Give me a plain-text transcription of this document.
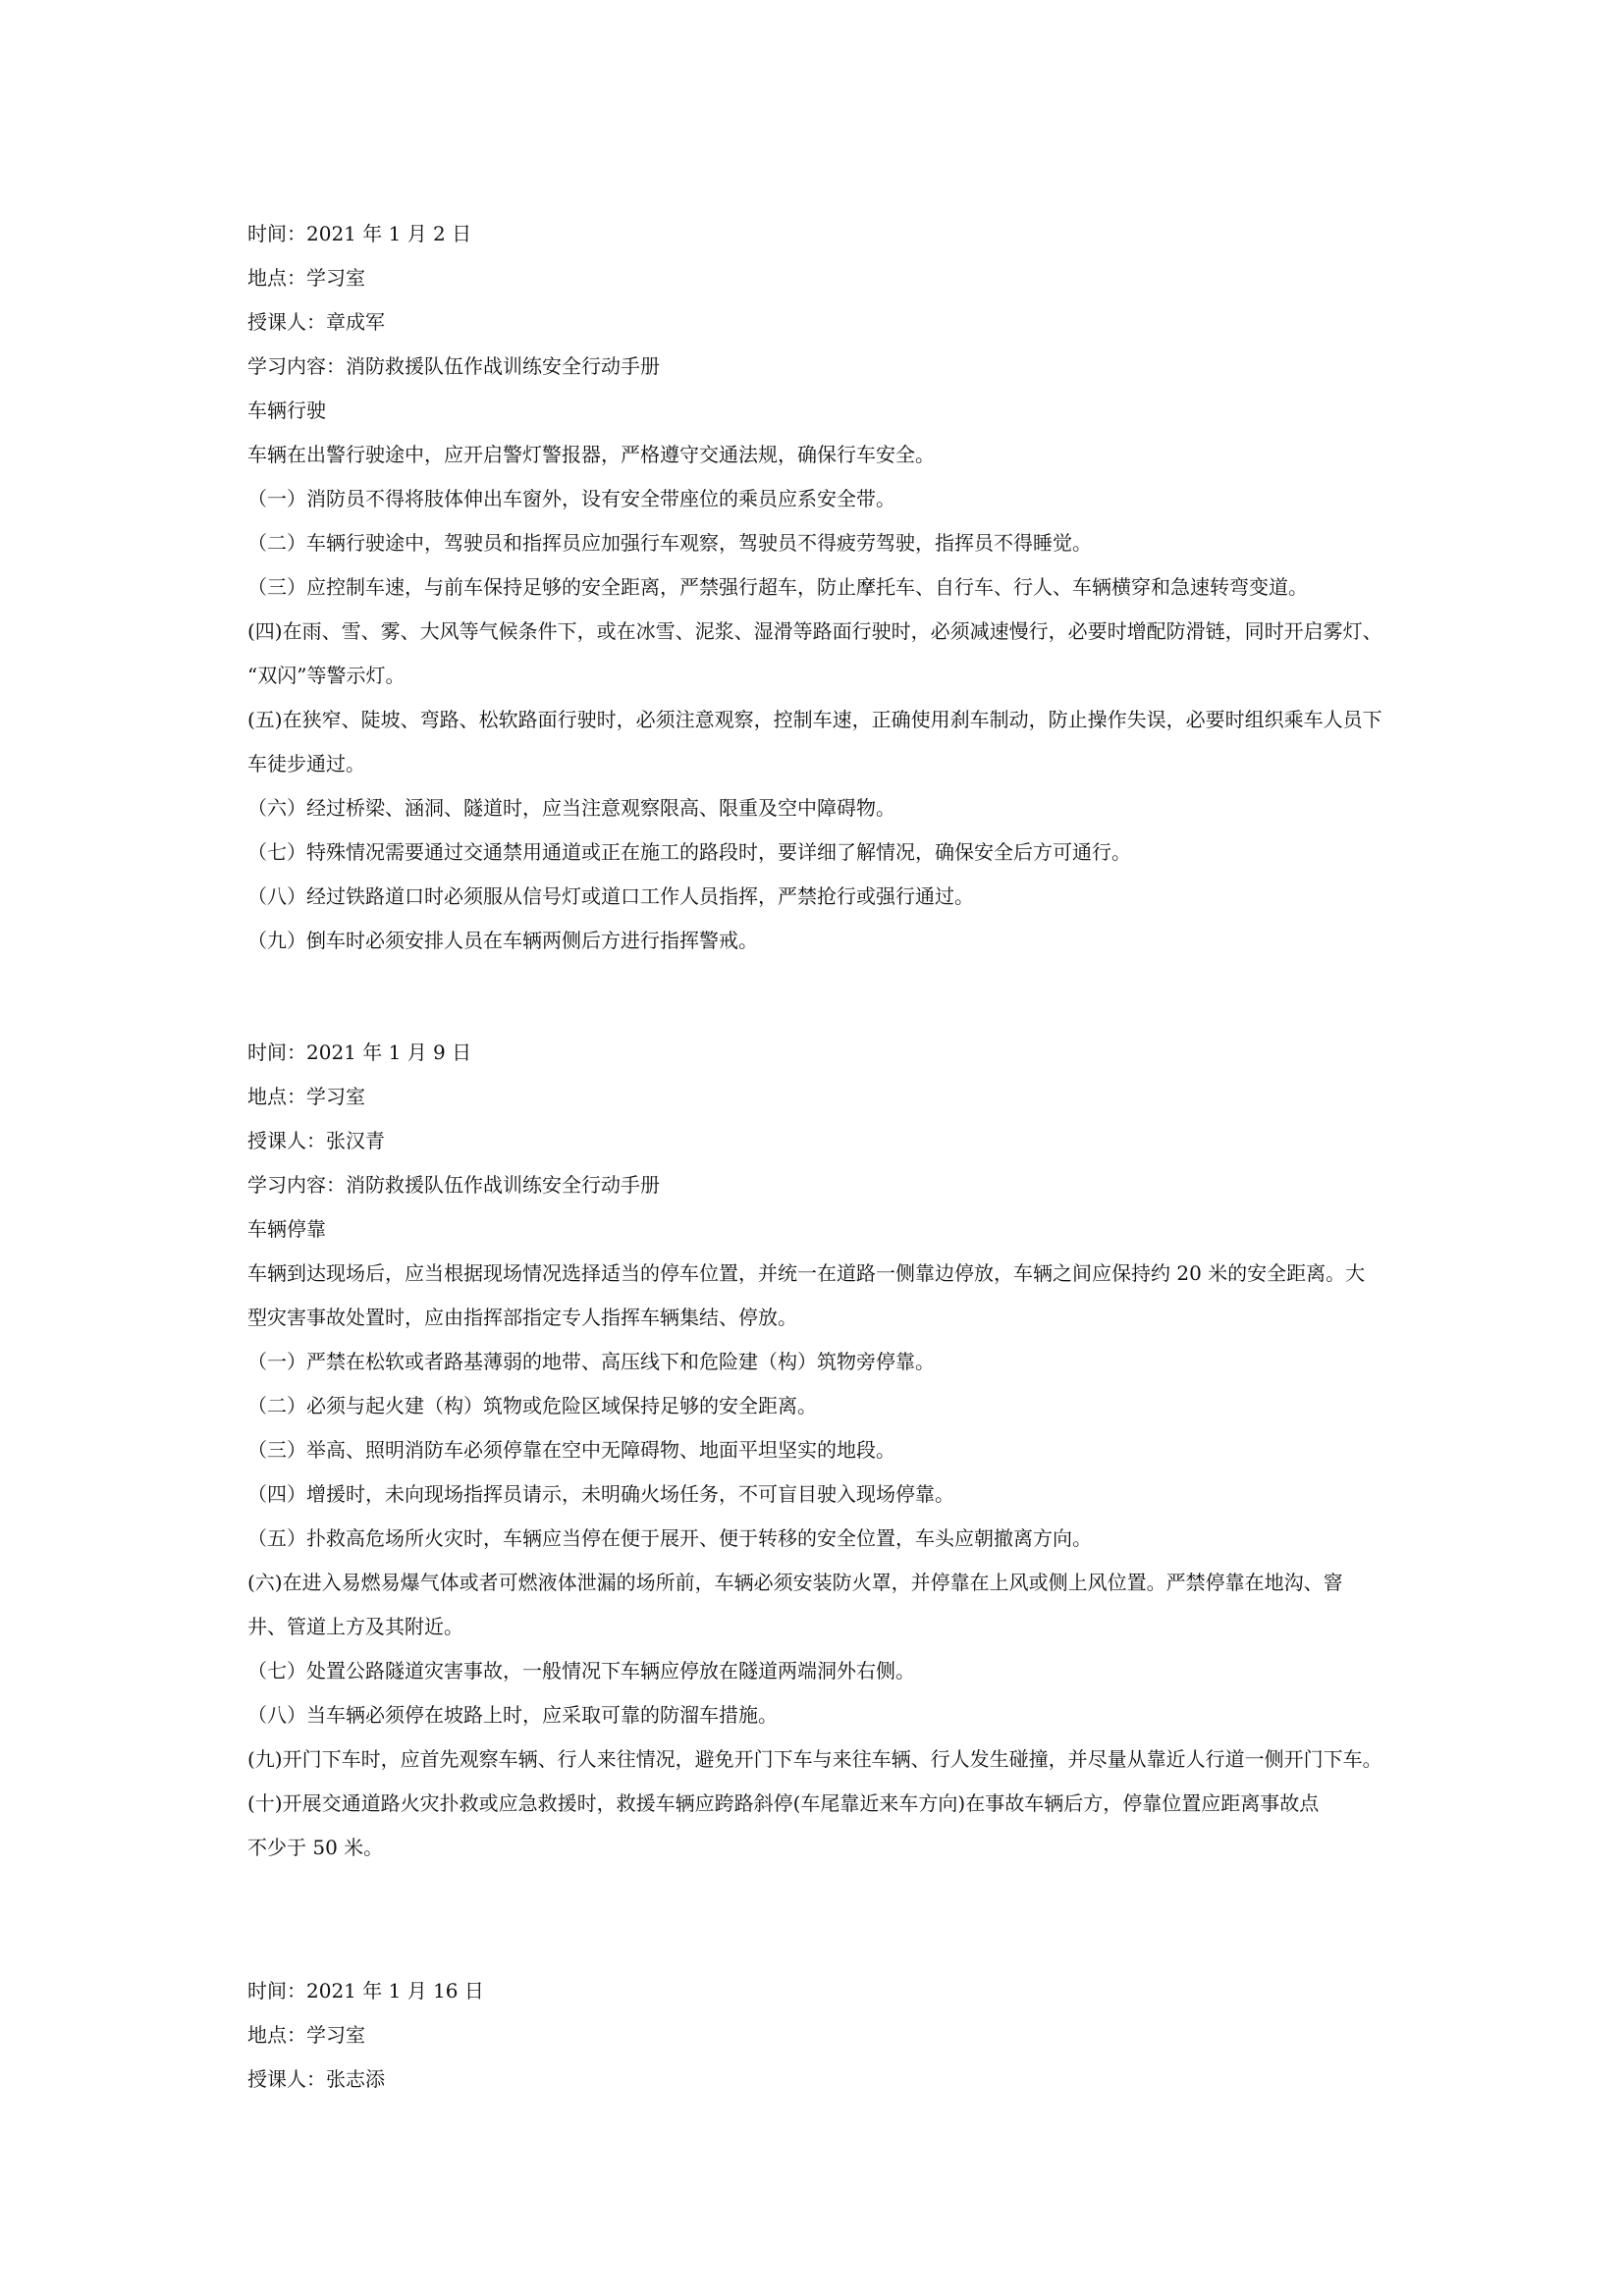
时间：2021 年 1 月 2 日
地点：学习室
授课人：章成军
学习内容：消防救援队伍作战训练安全行动手册
车辆行驶
车辆在出警行驶途中，应开启警灯警报器，严格遵守交通法规，确保行车安全。
（一）消防员不得将肢体伸出车窗外，设有安全带座位的乘员应系安全带。
（二）车辆行驶途中，驾驶员和指挥员应加强行车观察，驾驶员不得疲劳驾驶，指挥员不得睡觉。
（三）应控制车速，与前车保持足够的安全距离，严禁强行超车，防止摩托车、自行车、行人、车辆横穿和急速转弯变道。
(四)在雨、雪、雾、大风等气候条件下，或在冰雪、泥浆、湿滑等路面行驶时，必须减速慢行，必要时增配防滑链，同时开启雾灯、
“双闪”等警示灯。
(五)在狭窄、陡坡、弯路、松软路面行驶时，必须注意观察，控制车速，正确使用刹车制动，防止操作失误，必要时组织乘车人员下
车徒步通过。
（六）经过桥梁、涵洞、隧道时，应当注意观察限高、限重及空中障碍物。
（七）特殊情况需要通过交通禁用通道或正在施工的路段时，要详细了解情况，确保安全后方可通行。
（八）经过铁路道口时必须服从信号灯或道口工作人员指挥，严禁抢行或强行通过。
（九）倒车时必须安排人员在车辆两侧后方进行指挥警戒。
时间：2021 年 1 月 9 日
地点：学习室
授课人：张汉青
学习内容：消防救援队伍作战训练安全行动手册
车辆停靠
车辆到达现场后，应当根据现场情况选择适当的停车位置，并统一在道路一侧靠边停放，车辆之间应保持约 20 米的安全距离。大
型灾害事故处置时，应由指挥部指定专人指挥车辆集结、停放。
（一）严禁在松软或者路基薄弱的地带、高压线下和危险建（构）筑物旁停靠。
（二）必须与起火建（构）筑物或危险区域保持足够的安全距离。
（三）举高、照明消防车必须停靠在空中无障碍物、地面平坦坚实的地段。
（四）增援时，未向现场指挥员请示，未明确火场任务，不可盲目驶入现场停靠。
（五）扑救高危场所火灾时，车辆应当停在便于展开、便于转移的安全位置，车头应朝撤离方向。
(六)在进入易燃易爆气体或者可燃液体泄漏的场所前，车辆必须安装防火罩，并停靠在上风或侧上风位置。严禁停靠在地沟、窨
井、管道上方及其附近。
（七）处置公路隧道灾害事故，一般情况下车辆应停放在隧道两端洞外右侧。
（八）当车辆必须停在坡路上时，应采取可靠的防溜车措施。
(九)开门下车时，应首先观察车辆、行人来往情况，避免开门下车与来往车辆、行人发生碰撞，并尽量从靠近人行道一侧开门下车。
(十)开展交通道路火灾扑救或应急救援时，救援车辆应跨路斜停(车尾靠近来车方向)在事故车辆后方，停靠位置应距离事故点
不少于 50 米。
时间：2021 年 1 月 16 日
地点：学习室
授课人：张志添
